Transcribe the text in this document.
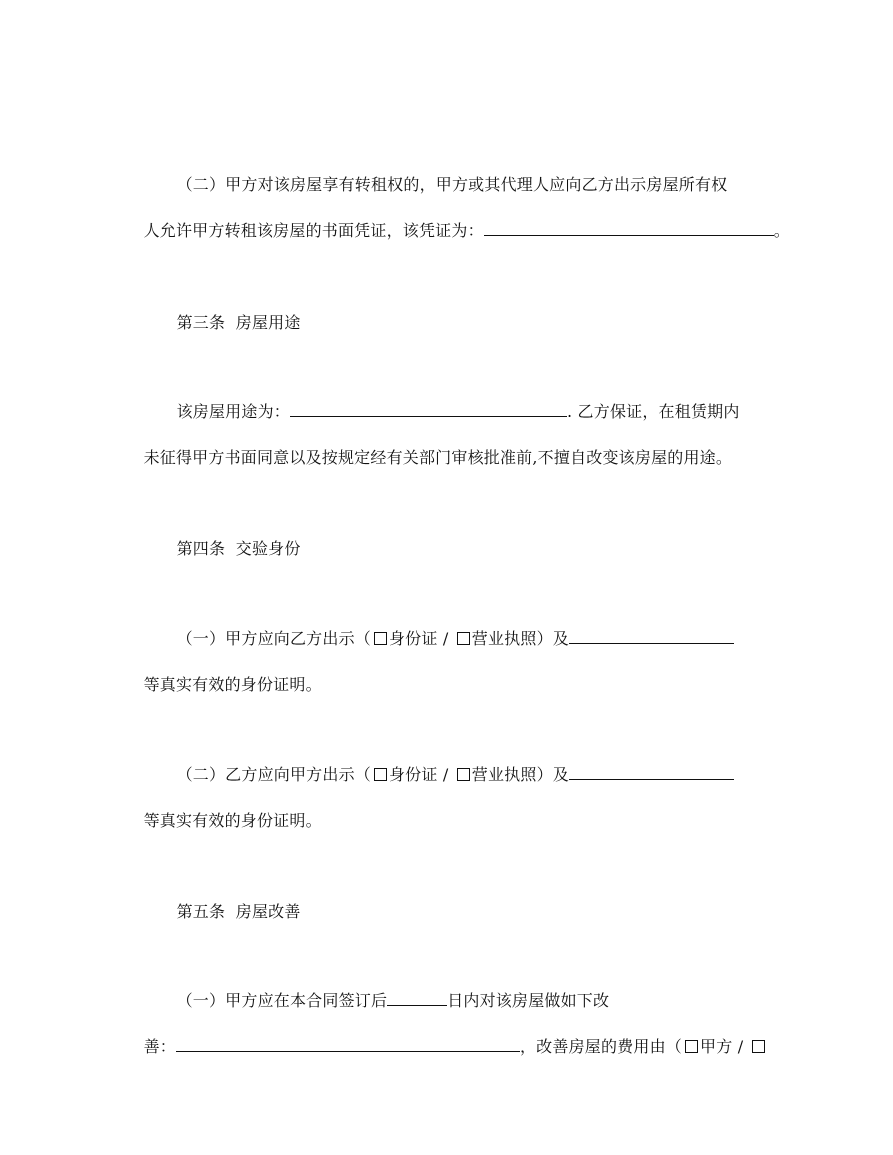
（二）甲方对该房屋享有转租权的，甲方或其代理人应向乙方出示房屋所有权

人允许甲方转租该房屋的书面凭证，该凭证为：	。

第三条  房屋用途

该房屋用途为：	. 乙方保证，在租赁期内

未征得甲方书面同意以及按规定经有关部门审核批准前,不擅自改变该房屋的用途。

第四条  交验身份

（一）甲方应向乙方出示（ 身份证 / 营业执照）及

等真实有效的身份证明。

（二）乙方应向甲方出示（ 身份证 / 营业执照）及

等真实有效的身份证明。

第五条  房屋改善

（一）甲方应在本合同签订后	日内对该房屋做如下改

善：	，改善房屋的费用由（ 甲方 /
